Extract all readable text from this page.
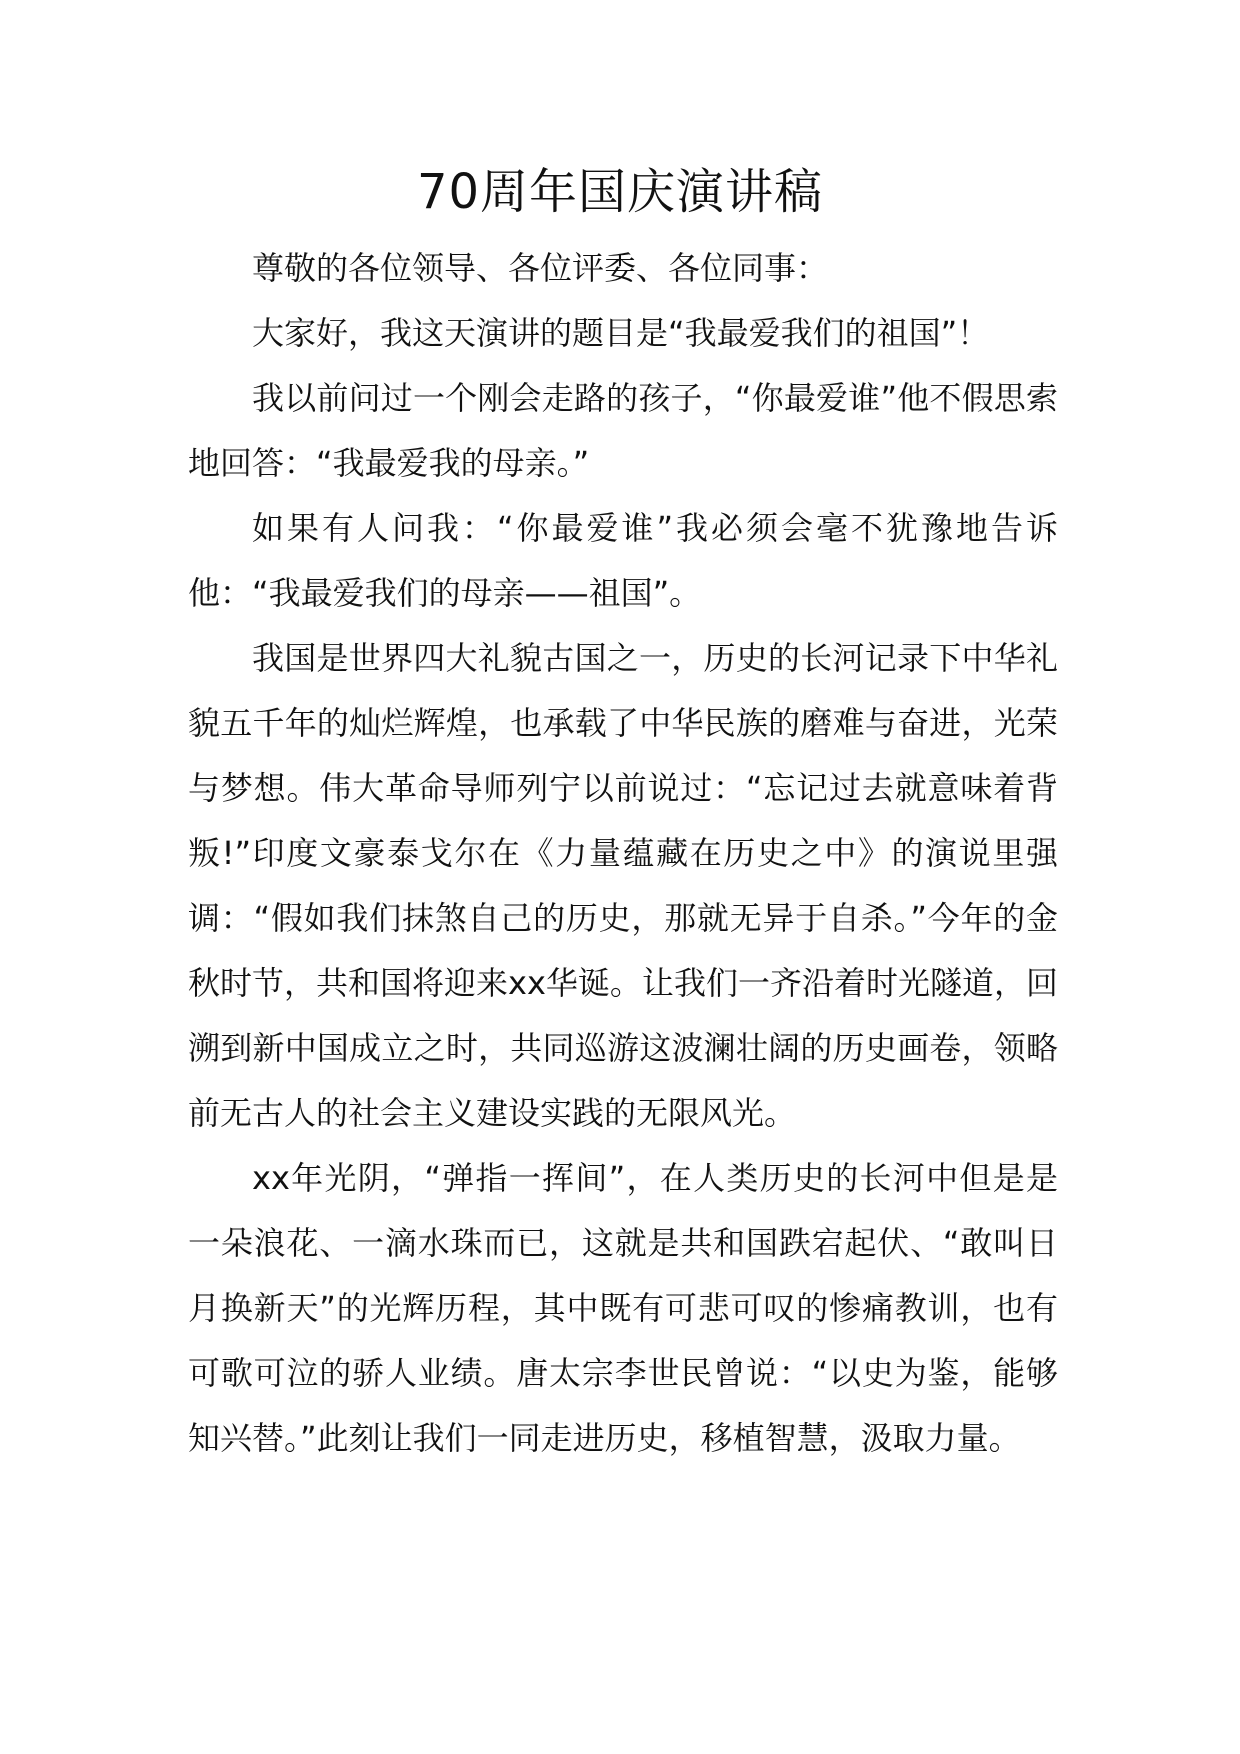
70周年国庆演讲稿

尊敬的各位领导、各位评委、各位同事：

大家好，我这天演讲的题目是“我最爱我们的祖国”！

我以前问过一个刚会走路的孩子，“你最爱谁”他不假思索地回答：“我最爱我的母亲。”

如果有人问我：“你最爱谁”我必须会毫不犹豫地告诉他：“我最爱我们的母亲——祖国”。

我国是世界四大礼貌古国之一，历史的长河记录下中华礼貌五千年的灿烂辉煌，也承载了中华民族的磨难与奋进，光荣与梦想。伟大革命导师列宁以前说过：“忘记过去就意味着背叛!”印度文豪泰戈尔在《力量蕴藏在历史之中》的演说里强调：“假如我们抹煞自己的历史，那就无异于自杀。”今年的金秋时节，共和国将迎来xx华诞。让我们一齐沿着时光隧道，回溯到新中国成立之时，共同巡游这波澜壮阔的历史画卷，领略前无古人的社会主义建设实践的无限风光。

xx年光阴，“弹指一挥间”，在人类历史的长河中但是是一朵浪花、一滴水珠而已，这就是共和国跌宕起伏、“敢叫日月换新天”的光辉历程，其中既有可悲可叹的惨痛教训，也有可歌可泣的骄人业绩。唐太宗李世民曾说：“以史为鉴，能够知兴替。”此刻让我们一同走进历史，移植智慧，汲取力量。
